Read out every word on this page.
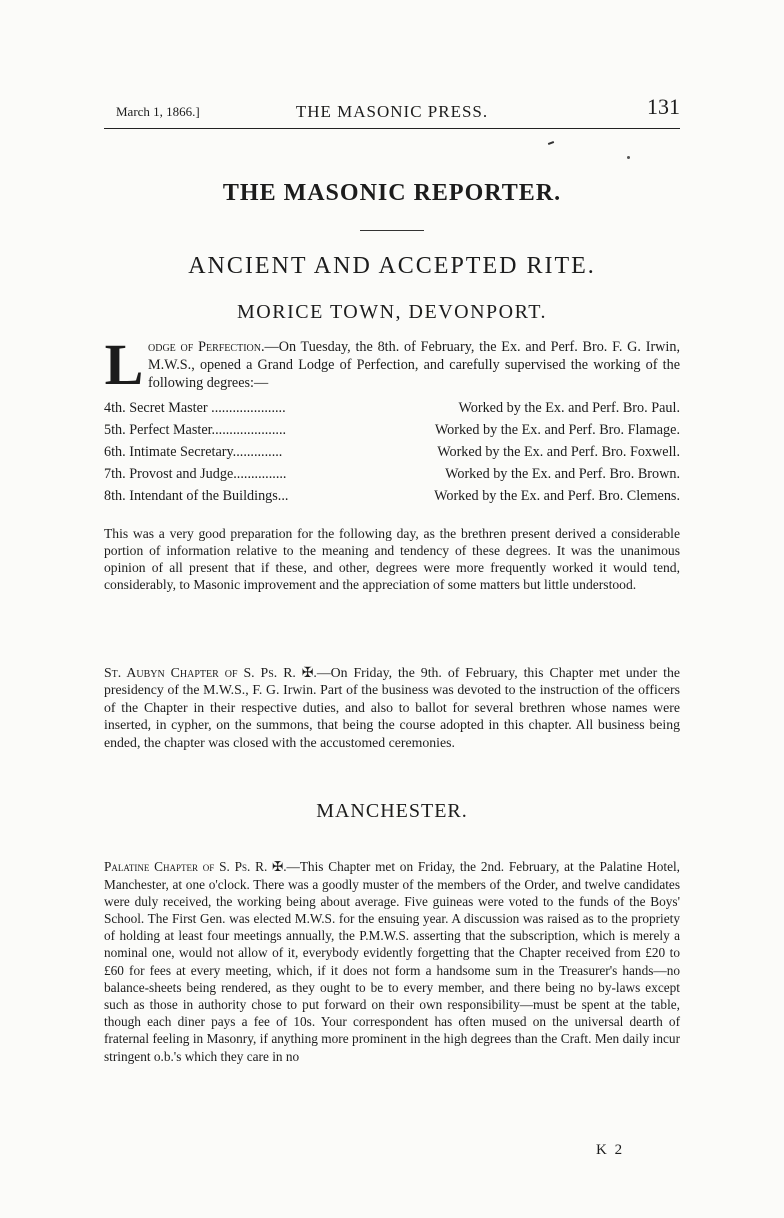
March 1, 1866.]	THE MASONIC PRESS.	131
THE MASONIC REPORTER.
ANCIENT AND ACCEPTED RITE.
MORICE TOWN, DEVONPORT.
L odge of Perfection.—On Tuesday, the 8th. of February, the Ex. and Perf. Bro. F. G. Irwin, M.W.S., opened a Grand Lodge of Perfection, and carefully supervised the working of the following degrees:—
4th. Secret Master .....................	Worked by the Ex. and Perf. Bro. Paul.
5th. Perfect Master.....................	Worked by the Ex. and Perf. Bro. Flamage.
6th. Intimate Secretary..............	Worked by the Ex. and Perf. Bro. Foxwell.
7th. Provost and Judge...............	Worked by the Ex. and Perf. Bro. Brown.
8th. Intendant of the Buildings...	Worked by the Ex. and Perf. Bro. Clemens.

This was a very good preparation for the following day, as the brethren present derived a considerable portion of information relative to the meaning and tendency of these degrees. It was the unanimous opinion of all present that if these, and other, degrees were more frequently worked it would tend, considerably, to Masonic improvement and the appreciation of some matters but little understood.

St. Aubyn Chapter of S. Ps. R. ✠.—On Friday, the 9th. of February, this Chapter met under the presidency of the M.W.S., F. G. Irwin. Part of the business was devoted to the instruction of the officers of the Chapter in their respective duties, and also to ballot for several brethren whose names were inserted, in cypher, on the summons, that being the course adopted in this chapter. All business being ended, the chapter was closed with the accustomed ceremonies.

MANCHESTER.

Palatine Chapter of S. Ps. R. ✠.—This Chapter met on Friday, the 2nd. February, at the Palatine Hotel, Manchester, at one o'clock. There was a goodly muster of the members of the Order, and twelve candidates were duly received, the working being about average. Five guineas were voted to the funds of the Boys' School. The First Gen. was elected M.W.S. for the ensuing year. A discussion was raised as to the propriety of holding at least four meetings annually, the P.M.W.S. asserting that the subscription, which is merely a nominal one, would not allow of it, everybody evidently forgetting that the Chapter received from £20 to £60 for fees at every meeting, which, if it does not form a handsome sum in the Treasurer's hands—no balance-sheets being rendered, as they ought to be to every member, and there being no by-laws except such as those in authority chose to put forward on their own responsibility—must be spent at the table, though each diner pays a fee of 10s. Your correspondent has often mused on the universal dearth of fraternal feeling in Masonry, if anything more prominent in the high degrees than the Craft. Men daily incur stringent o.b.'s which they care in no

K 2
